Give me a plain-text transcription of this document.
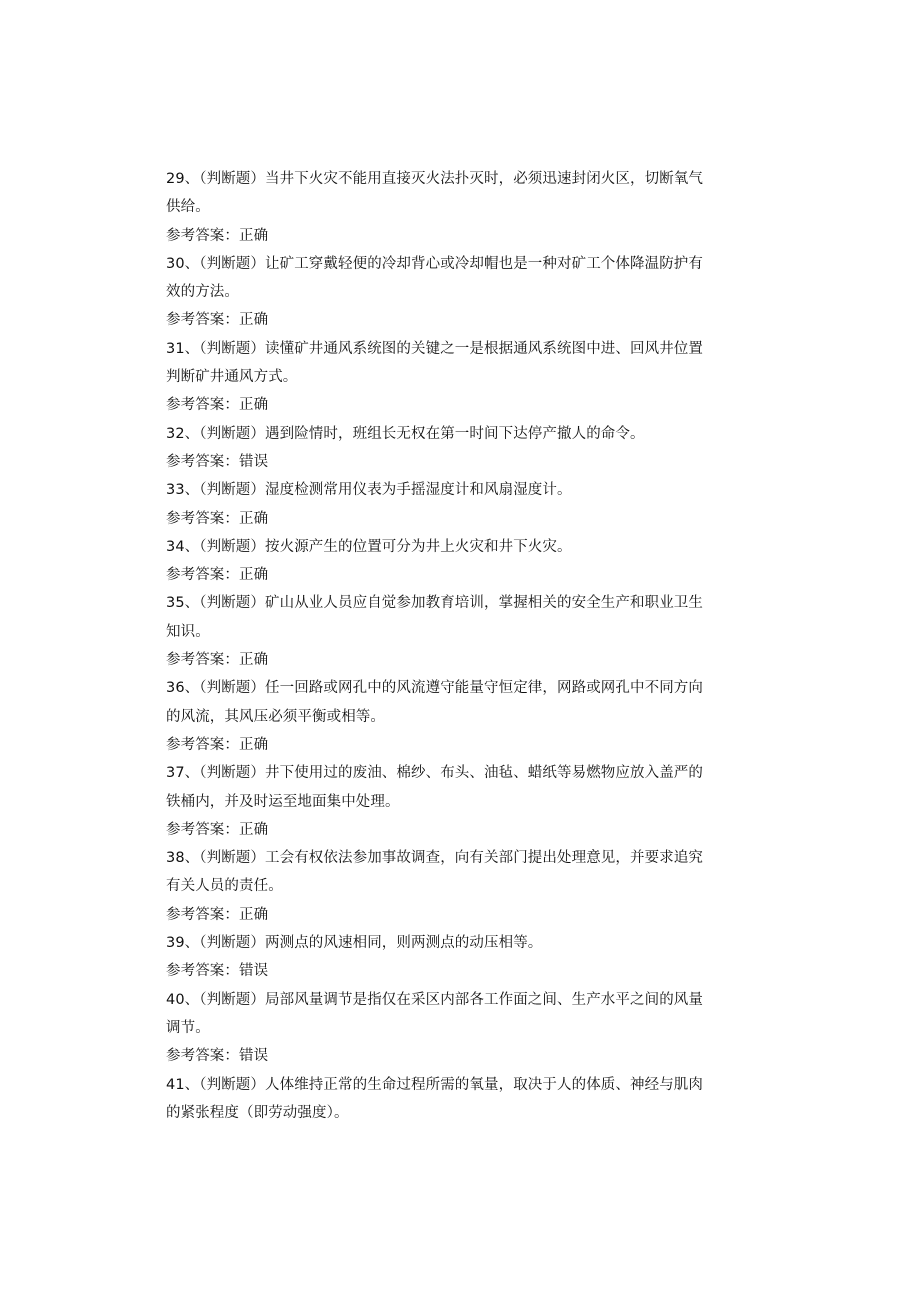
29、（判断题）当井下火灾不能用直接灭火法扑灭时，必须迅速封闭火区，切断氧气
供给。
参考答案：正确
30、（判断题）让矿工穿戴轻便的冷却背心或冷却帽也是一种对矿工个体降温防护有
效的方法。
参考答案：正确
31、（判断题）读懂矿井通风系统图的关键之一是根据通风系统图中进、回风井位置
判断矿井通风方式。
参考答案：正确
32、（判断题）遇到险情时，班组长无权在第一时间下达停产撤人的命令。
参考答案：错误
33、（判断题）湿度检测常用仪表为手摇湿度计和风扇湿度计。
参考答案：正确
34、（判断题）按火源产生的位置可分为井上火灾和井下火灾。
参考答案：正确
35、（判断题）矿山从业人员应自觉参加教育培训，掌握相关的安全生产和职业卫生
知识。
参考答案：正确
36、（判断题）任一回路或网孔中的风流遵守能量守恒定律，网路或网孔中不同方向
的风流，其风压必须平衡或相等。
参考答案：正确
37、（判断题）井下使用过的废油、棉纱、布头、油毡、蜡纸等易燃物应放入盖严的
铁桶内，并及时运至地面集中处理。
参考答案：正确
38、（判断题）工会有权依法参加事故调查，向有关部门提出处理意见，并要求追究
有关人员的责任。
参考答案：正确
39、（判断题）两测点的风速相同，则两测点的动压相等。
参考答案：错误
40、（判断题）局部风量调节是指仅在采区内部各工作面之间、生产水平之间的风量
调节。
参考答案：错误
41、（判断题）人体维持正常的生命过程所需的氧量，取决于人的体质、神经与肌肉
的紧张程度（即劳动强度）。
